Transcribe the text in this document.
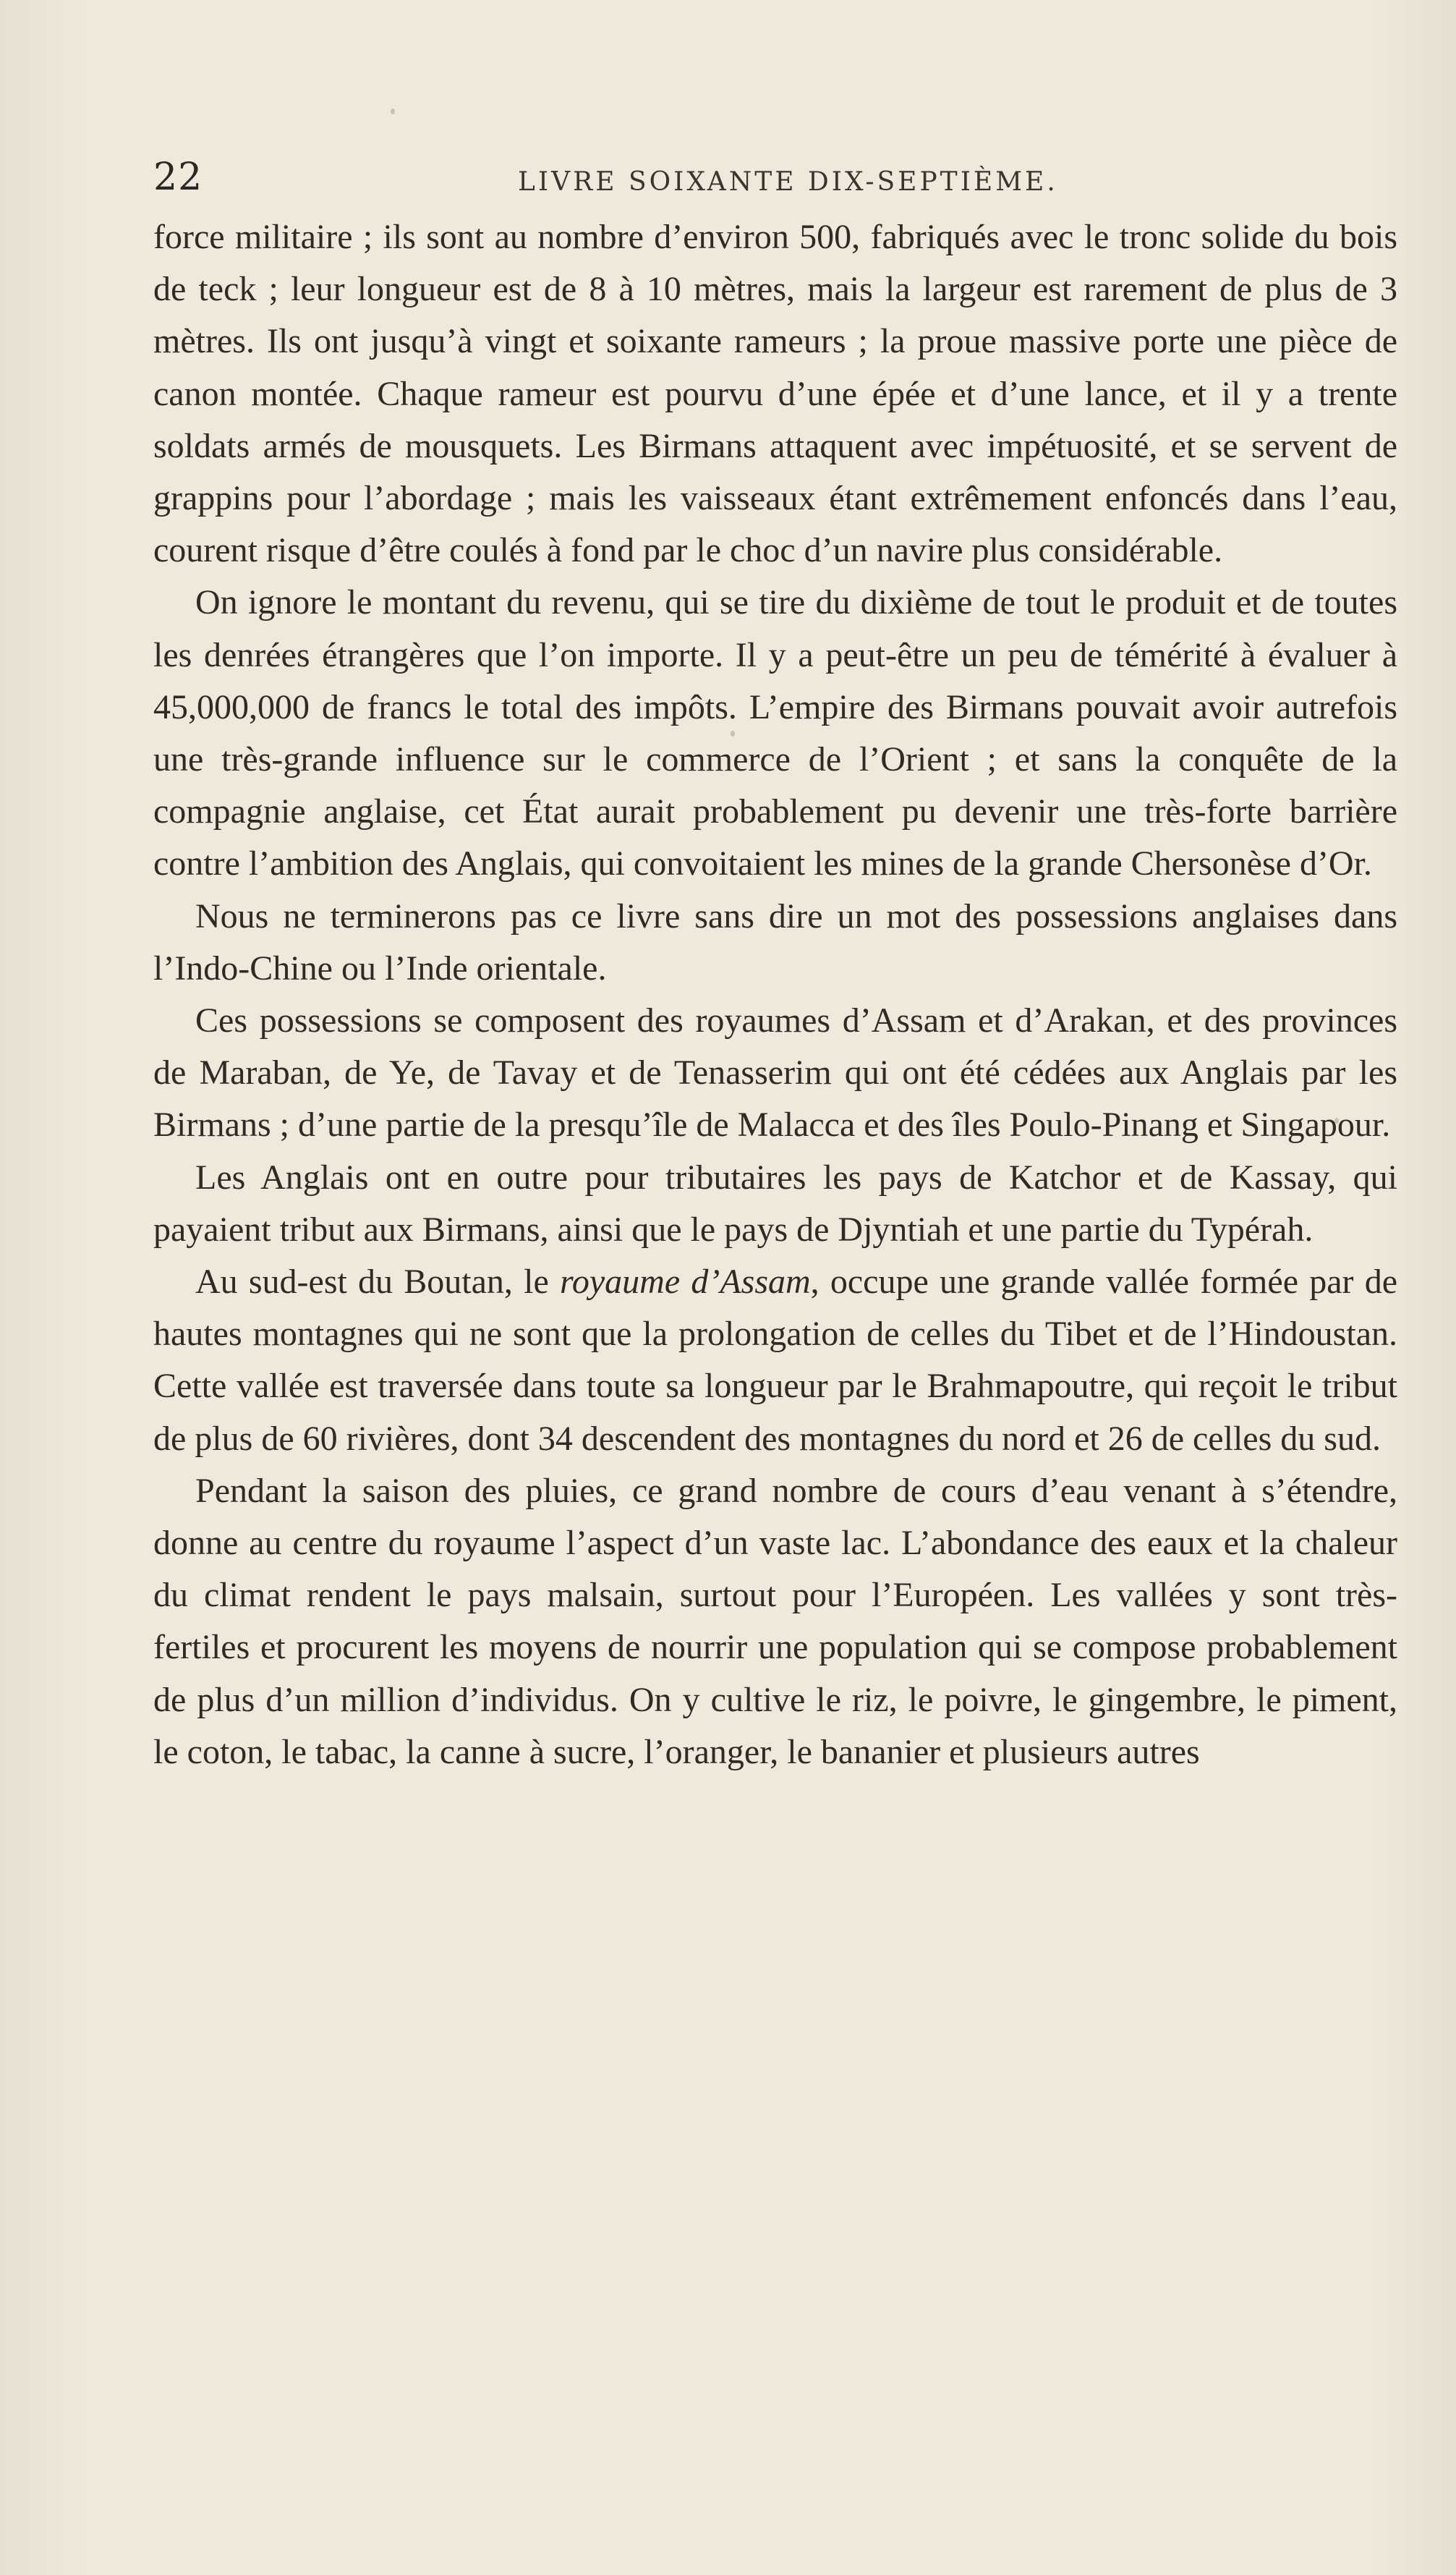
22	LIVRE SOIXANTE DIX-SEPTIÈME.

force militaire ; ils sont au nombre d’environ 500, fabriqués avec le tronc solide du bois de teck ; leur longueur est de 8 à 10 mètres, mais la largeur est rarement de plus de 3 mètres. Ils ont jusqu’à vingt et soixante rameurs ; la proue massive porte une pièce de canon montée. Chaque rameur est pourvu d’une épée et d’une lance, et il y a trente soldats armés de mousquets. Les Birmans attaquent avec impétuosité, et se servent de grappins pour l’abordage ; mais les vaisseaux étant extrêmement enfoncés dans l’eau, courent risque d’être coulés à fond par le choc d’un navire plus considérable.

On ignore le montant du revenu, qui se tire du dixième de tout le produit et de toutes les denrées étrangères que l’on importe. Il y a peut-être un peu de témérité à évaluer à 45,000,000 de francs le total des impôts. L’empire des Birmans pouvait avoir autrefois une très-grande influence sur le commerce de l’Orient ; et sans la conquête de la compagnie anglaise, cet État aurait probablement pu devenir une très-forte barrière contre l’ambition des Anglais, qui convoitaient les mines de la grande Chersonèse d’Or.

Nous ne terminerons pas ce livre sans dire un mot des possessions anglaises dans l’Indo-Chine ou l’Inde orientale.

Ces possessions se composent des royaumes d’Assam et d’Arakan, et des provinces de Maraban, de Ye, de Tavay et de Tenasserim qui ont été cédées aux Anglais par les Birmans ; d’une partie de la presqu’île de Malacca et des îles Poulo-Pinang et Singapour.

Les Anglais ont en outre pour tributaires les pays de Katchor et de Kassay, qui payaient tribut aux Birmans, ainsi que le pays de Djyntiah et une partie du Typérah.

Au sud-est du Boutan, le royaume d’Assam, occupe une grande vallée formée par de hautes montagnes qui ne sont que la prolongation de celles du Tibet et de l’Hindoustan. Cette vallée est traversée dans toute sa longueur par le Brahmapoutre, qui reçoit le tribut de plus de 60 rivières, dont 34 descendent des montagnes du nord et 26 de celles du sud.

Pendant la saison des pluies, ce grand nombre de cours d’eau venant à s’étendre, donne au centre du royaume l’aspect d’un vaste lac. L’abondance des eaux et la chaleur du climat rendent le pays malsain, surtout pour l’Européen. Les vallées y sont très-fertiles et procurent les moyens de nourrir une population qui se compose probablement de plus d’un million d’individus. On y cultive le riz, le poivre, le gingembre, le piment, le coton, le tabac, la canne à sucre, l’oranger, le bananier et plusieurs autres
